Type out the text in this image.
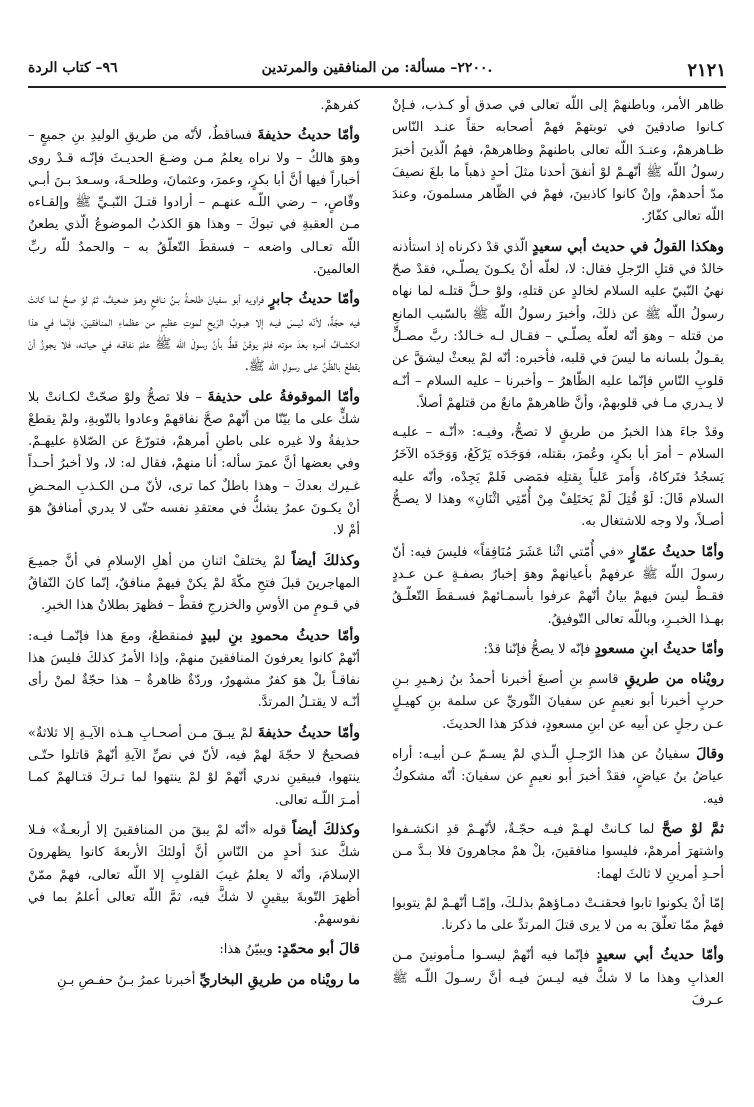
٢١٢١
٢٢٠٠– مسألة: من المنافقين والمرتدين.
٩٦– كتاب الردة

ظاهر الأمر، وباطنهمْ إلى اللّه تعالى في صدق أو كـذب، فـإنْ كـانوا صادقينَ في توبتهمْ فهمْ أصحابه حقاً عنـد النّاس ظـاهرهمْ، وعنـدَ اللّه تعالى باطنهمْ وظاهرهمْ، فهمُ الّذينَ أخبرَ رسولُ اللّه ﷺ أنّهـمْ لوْ أنفقَ أحدنا مثلَ أحدٍ ذهباً ما بلغَ نصيفَ مدّ أحدهمْ، وإنْ كانوا كاذبينَ، فهمْ في الظّاهر مسلمونَ، وعندَ اللّه تعالى كفّارٌ.

وهكذا القولُ في حديث أبي سعيدٍ الّذي قدْ ذكرناه إذ استأذنه خالدٌ في قتلِ الرّجلِ فقال: لا، لعلّه أنْ يكـونَ يصلّـي، فقدْ صحّ نهيُ النّبيّ عليه السلام لخالدٍ عن قتلهِ، ولوْ حـلَّ قتلـه لما نهاه رسولُ اللّه ﷺ عن ذلكَ، وأخبرَ رسولُ اللّه ﷺ بالسّبب المانعِ من قتله – وهوَ أنّه لعلّه يصلّـي – فقـال لـه خـالدٌ: ربَّ مصـلٍّ يقـولُ بلسانه ما ليسَ في قلبه، فأخبره: أنّه لمْ يبعثْ ليشقَّ عن قلوبِ النّاسِ فإنّما عليه الظّاهرُ – وأخبرنا – عليه السلام – أنّـه لا يـدري مـا في قلوبهمْ، وأنَّ ظاهرهمْ مانعٌ من قتلهمْ أصلاً.

وقدْ جاءَ هذا الخبرُ من طريقٍ لا تصحُّ، وفيـه: «أنّـه – عليـه السلام – أمرَ أبا بكرٍ، وعُمرَ، بقتله، فوَجَدَه يَرْكَعُ، وَوَجَدَه الآخَرُ يَسجُدُ فتَركاهُ، وَأَمرَ عَلياً بِقتلِه فمَضى فَلمْ يَجِدْه، وأنّه عليه السلام قَالَ: لَوْ قُتِلَ لَمْ يَختَلِفْ مِنْ أُمّتِي اثْنَانِ» وهذا لا يصـحُّ أصـلاً، ولا وجه للاشتغال به.

وأمّا حديثُ عمّارٍ «في أُمّتي اثْنا عَشَرَ مُنَافِقاً» فليسَ فيه: أنّ رسولَ اللّه ﷺ عرفهمْ بأعيانهمْ وهوَ إخبارٌ بصفـةٍ عـن عـددٍ فقـطْ ليسَ فيهمْ بيانُ أنّهمْ عرفوا بأسمـائهمْ فسـقطَ التّعلّـقُ بهـذا الخبـرِ، وباللّه تعالى التّوفيقُ.

وأمّا حديثُ ابنِ مسعودٍ فإنّه لا يصحُّ فإنّنا قدْ:

رويْناه من طريقِ قاسمِ بنِ أصبغَ أخبرنا أحمدُ بنُ زهـيرِ بـنِ حربٍ أخبرنا أبو نعيمٍ عن سفيانَ الثّوريِّ عن سلمة بنِ كهيـلٍ عـن رجلٍ عن أبيه عن ابنِ مسعودٍ، فذكرَ هذا الحديثَ.

وقالَ سفيانُ عن هذا الرّجـلِ الّـذي لمْ يسـمّ عـن أبيـه: أراه عياضُ بنُ عياضٍ، فقدْ أخبرَ أبو نعيمٍ عن سفيانَ: أنّه مشكوكٌ فيه.

ثمَّ لوْ صحَّ لما كـانتْ لهـمْ فيـه حجّـةٌ، لأنّهـمْ قدِ انكشـفوا واشتهرَ أمرهمْ، فليسوا منافقينَ، بلْ همْ مجاهرونَ فلا بـدَّ مـن أحـدِ أمرينِ لا ثالثَ لهما:

إمّا أنْ يكونوا تابوا فحقنـتْ دمـاؤهمْ بذلـكَ، وإمّـا أنّهـمْ لمْ يتوبوا فهمْ ممّا تعلّقَ به من لا يرى قتلَ المرتدِّ على ما ذكرنا.

وأمّا حديثُ أبي سعيدٍ فإنّما فيه أنّهمْ ليسـوا مـأمونينَ مـن العذابِ وهذا ما لا شكَّ فيه ليـسَ فيـه أنَّ رسـولَ اللّـه ﷺ عـرفَ

كفرهمْ.

وأمّا حديثُ حذيفةَ فساقطٌ، لأنّه من طريقِ الوليدِ بنِ جميعٍ – وهوَ هالكٌ – ولا نراه يعلمُ مـن وضـعَ الحديـثَ فإنّـه قـدْ روى أخباراً فيها أنَّ أبا بكرٍ، وعمرَ، وعثمانَ، وطلحـةَ، وسـعدَ بـنَ أبـي وقّاصٍ، – رضي اللّـه عنهـم – أرادوا قتـلَ النّبـيِّ ﷺ وإلقـاءه مـن العقبةِ في تبوكَ – وهذا هوَ الكذبُ الموضوعُ الّذي يطعنُ اللّه تعـالى واضعه – فسقطَ التّعلّقُ به – والحمدُ للّه ربِّ العالمينَ.

وأمّا حديثُ جابرٍ فراويه أبو سفيانَ طلحـةُ بـنُ نـافعٍ وهـوَ ضعيفٌ، ثمَّ لوْ صحَّ لما كانتْ فيه حجّةٌ، لأنّه ليـسَ فيـه إلا هبـوبُ الرّيحِ لموتِ عظيمٍ من عظماءِ المنافقينَ، فإنّما في هذا انكشـافُ أمـره بعدَ موته فلمْ يوقنْ قطُّ بأنَّ رسولَ اللّه ﷺ علمَ نفاقـه في حياتـه، فلا يجوزُ أنْ يقطعَ بالظّنِّ على رسولِ اللّه ﷺ.

وأمّا الموقوفةُ على حذيفةَ – فلا تصحُّ ولوْ صحّتْ لكـانتْ بلا شكٍّ على ما بيّنّا من أنّهمْ صحَّ نفاقهمْ وعادوا بالتّوبةِ، ولمْ يقطعْ حذيفةُ ولا غيره على باطنِ أمرهمْ، فتورّعَ عن الصّلاةِ عليهـمْ. وفي بعضها أنَّ عمرَ سأله: أنا منهمْ، فقال له: لا، ولا أخبرُ أحـداً غـيرك بعدكَ – وهذا باطلٌ كما ترى، لأنّ مـن الكـذبِ المحـضِ أنْ يكـونَ عمرُ يشكُّ في معتقدِ نفسه حتّى لا يدري أمنافقٌ هوَ أمْ لا.

وكذلكَ أيضاً لمْ يختلفْ اثنانِ من أهلِ الإسلامِ في أنَّ جميـعَ المهاجرينَ قبلَ فتحِ مكّةَ لمْ يكنْ فيهمْ منافقٌ، إنّما كانَ النّفاقُ في قـومٍ من الأوسِ والخزرجِ فقطْ – فظهرَ بطلانُ هذا الخبرِ.

وأمّا حديثُ محمودِ بنِ لبيدٍ فمنقطعٌ، ومعَ هذا فإنّمـا فيـه: أنّهمْ كانوا يعرفونَ المنافقينَ منهمْ، وإذا الأمرُ كذلكَ فليسَ هذا نفاقـاً بلْ هوَ كفرٌ مشهورٌ، وردّةٌ ظاهرةٌ – هذا حجّةٌ لمنْ رأى أنّـه لا يقتـلُ المرتدَّ.

وأمّا حديثُ حذيفةَ لمْ يبـقَ مـن أصحـابِ هـذه الآيـةِ إلا ثلاثةٌ» فصحيحٌ لا حجّةَ لهمْ فيه، لأنّ في نصِّ الآيةِ أنّهمْ قاتلوا حتّـى ينتهوا، فبيقينِ ندري أنّهمْ لوْ لمْ ينتهوا لما تـركَ قتـالهمْ كمـا أمـرَ اللّـه تعالى.

وكذلكَ أيضاً قوله «أنّه لمْ يبقَ من المنافقينَ إلا أربعـةٌ» فـلا شكَّ عندَ أحدٍ من النّاسِ أنَّ أولئكَ الأربعةَ كانوا يظهرونَ الإسلامَ، وأنّه لا يعلمُ غيبَ القلوبِ إلا اللّه تعالى، فهمْ ممّنْ أظهرَ التّوبةَ بيقينٍ لا شكَّ فيه، ثمَّ اللّه تعالى أعلمُ بما في نفوسهمْ.

قالَ أبو محمّدٍ: ويبيّنُ هذا:

ما رويْناه من طريقِ البخاريِّ أخبرنا عمرُ بـنُ حفـصِ بـنِ
